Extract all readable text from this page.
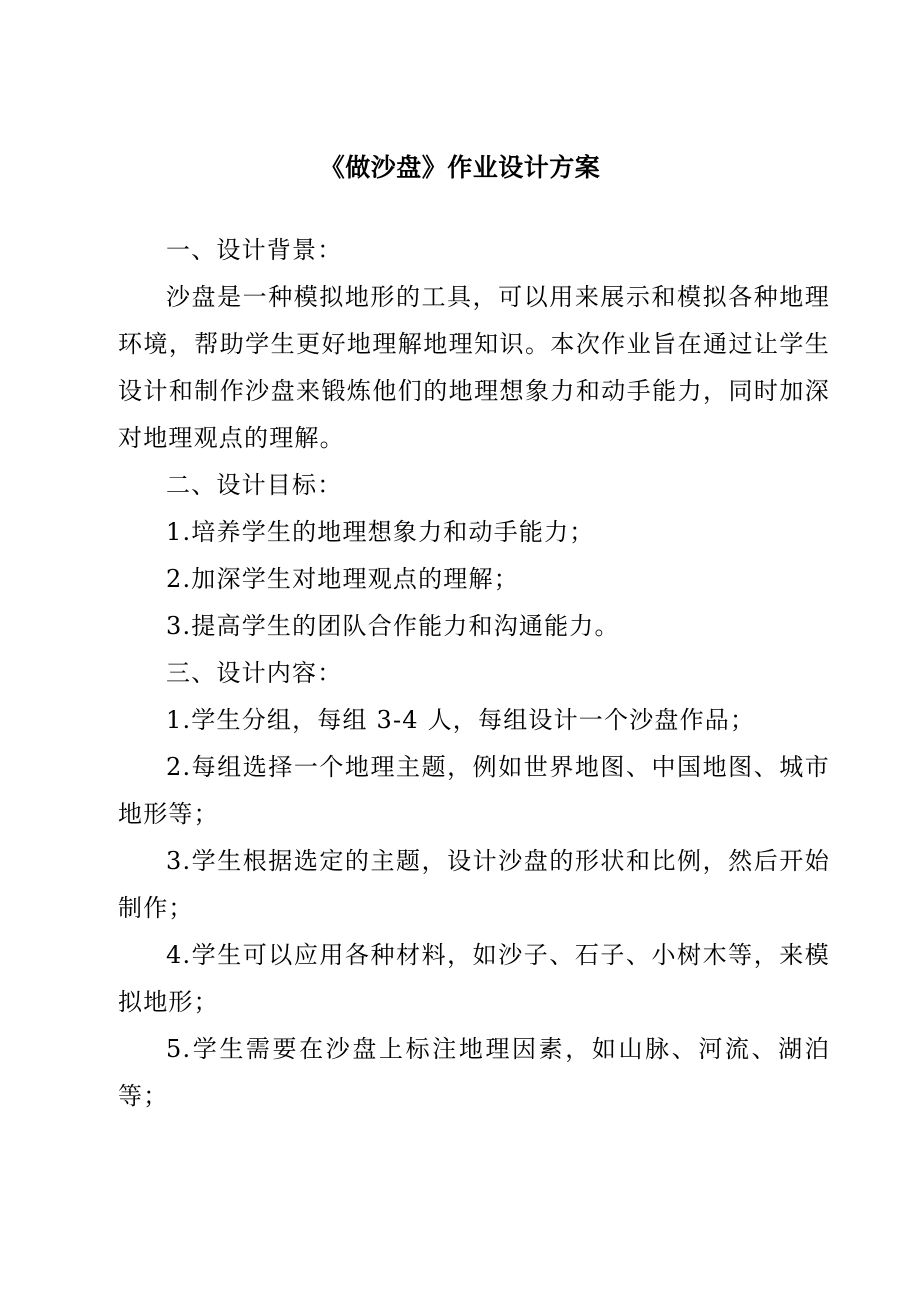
《做沙盘》作业设计方案

一、设计背景：

沙盘是一种模拟地形的工具，可以用来展示和模拟各种地理环境，帮助学生更好地理解地理知识。本次作业旨在通过让学生设计和制作沙盘来锻炼他们的地理想象力和动手能力，同时加深对地理观点的理解。

二、设计目标：

1.培养学生的地理想象力和动手能力；

2.加深学生对地理观点的理解；

3.提高学生的团队合作能力和沟通能力。

三、设计内容：

1.学生分组，每组 3-4 人，每组设计一个沙盘作品；

2.每组选择一个地理主题，例如世界地图、中国地图、城市地形等；

3.学生根据选定的主题，设计沙盘的形状和比例，然后开始制作；

4.学生可以应用各种材料，如沙子、石子、小树木等，来模拟地形；

5.学生需要在沙盘上标注地理因素，如山脉、河流、湖泊等；
